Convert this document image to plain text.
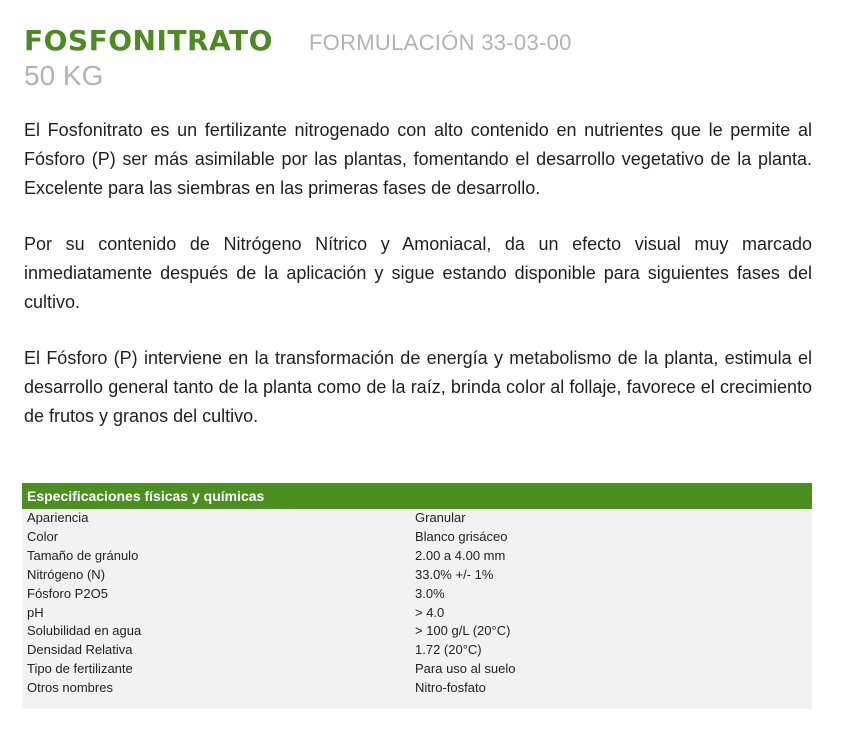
FOSFONITRATO FORMULACIÓN 33-03-00
50 KG

El Fosfonitrato es un fertilizante nitrogenado con alto contenido en nutrientes que le permite al Fósforo (P) ser más asimilable por las plantas, fomentando el desarrollo vegetativo de la planta. Excelente para las siembras en las primeras fases de desarrollo.

Por su contenido de Nitrógeno Nítrico y Amoniacal, da un efecto visual muy marcado inmediatamente después de la aplicación y sigue estando disponible para siguientes fases del cultivo.

El Fósforo (P) interviene en la transformación de energía y metabolismo de la planta, estimula el desarrollo general tanto de la planta como de la raíz, brinda color al follaje, favorece el crecimiento de frutos y granos del cultivo.

Especificaciones físicas y químicas
Apariencia	Granular
Color	Blanco grisáceo
Tamaño de gránulo	2.00 a 4.00 mm
Nitrógeno (N)	33.0% +/- 1%
Fósforo P2O5	3.0%
pH	> 4.0
Solubilidad en agua	> 100 g/L (20°C)
Densidad Relativa	1.72 (20°C)
Tipo de fertilizante	Para uso al suelo
Otros nombres	Nitro-fosfato
